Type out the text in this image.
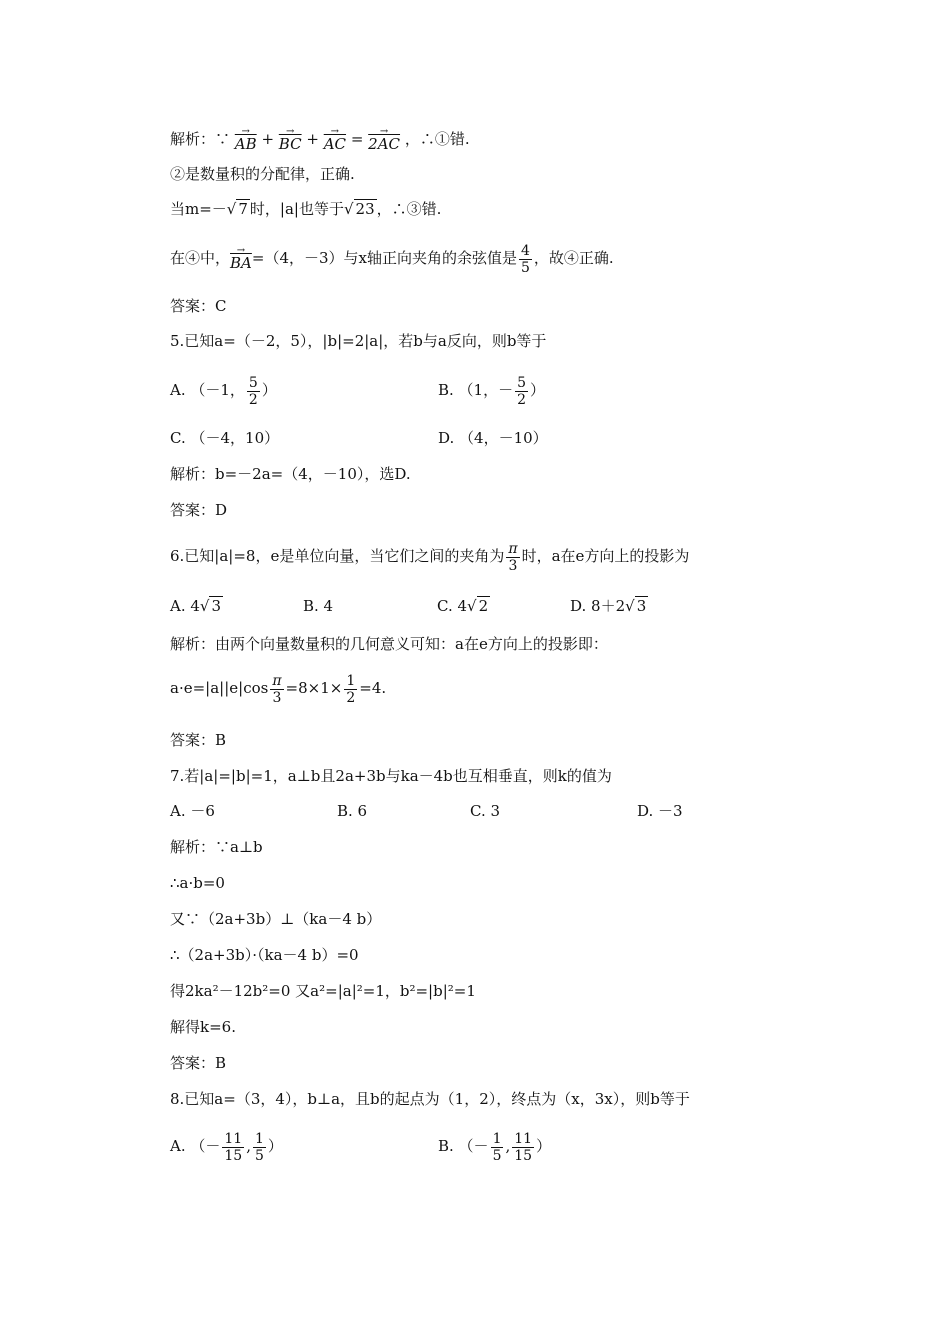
解析：∵	→
$\overline{AB}$ +	→
$\overline{BC}$ +	→
$\overline{AC}$ =	→
2AC ，∴①错.
②是数量积的分配律，正确.
当m=－√ 7 时，|a|也等于√ 23 ，∴③错.
在④中， →
$\overline{BA} =(4$，－3）与x轴正向夹角的余弦值是 $\frac{4}{5}$ ，故④正确.
答案：C
5.已知a=（－2，5），|b|=2|a|，若b与a反向，则b等于
A. （－1， $\frac{5}{2}$ ）	B. （1，－ $\frac{5}{2}$ ）
C. （－4，10）	D. （4，－10）
解析：b=－2a=（4，－10），选D.
答案：D
6.已知|a|=8，e是单位向量，当它们之间的夹角为 $\frac{\pi}{3}$ 时，a在e方向上的投影为
A. 4√ 3	B. 4	C. 4√ 2	D. 8＋2√ 3
解析：由两个向量数量积的几何意义可知：a在e方向上的投影即：
$a\cdot e=|a||e|\cos \frac{\pi}{3} =8\times 1\times \frac{1}{2} =4$.
答案：B
7.若|a|=|b|=1，a⊥b且2a+3b与ka－4b也互相垂直，则k的值为
A. －6	B. 6	C. 3	D. －3
解析：∵a⊥b
∴a·b=0
又∵（2a+3b）⊥（ka－4 b）
∴（2a+3b）·（ka－4 b）=0
得2ka²－12b²=0 又a²=|a|²=1，b²=|b|²=1
解得k=6.
答案：B
8.已知a=（3，4），b⊥a，且b的起点为（1，2），终点为（x，3x），则b等于
A. （－ $\frac{11}{15}$ , $\frac{1}{5}$ ）	B. （－ $\frac{1}{5}$ , $\frac{11}{15}$ ）
